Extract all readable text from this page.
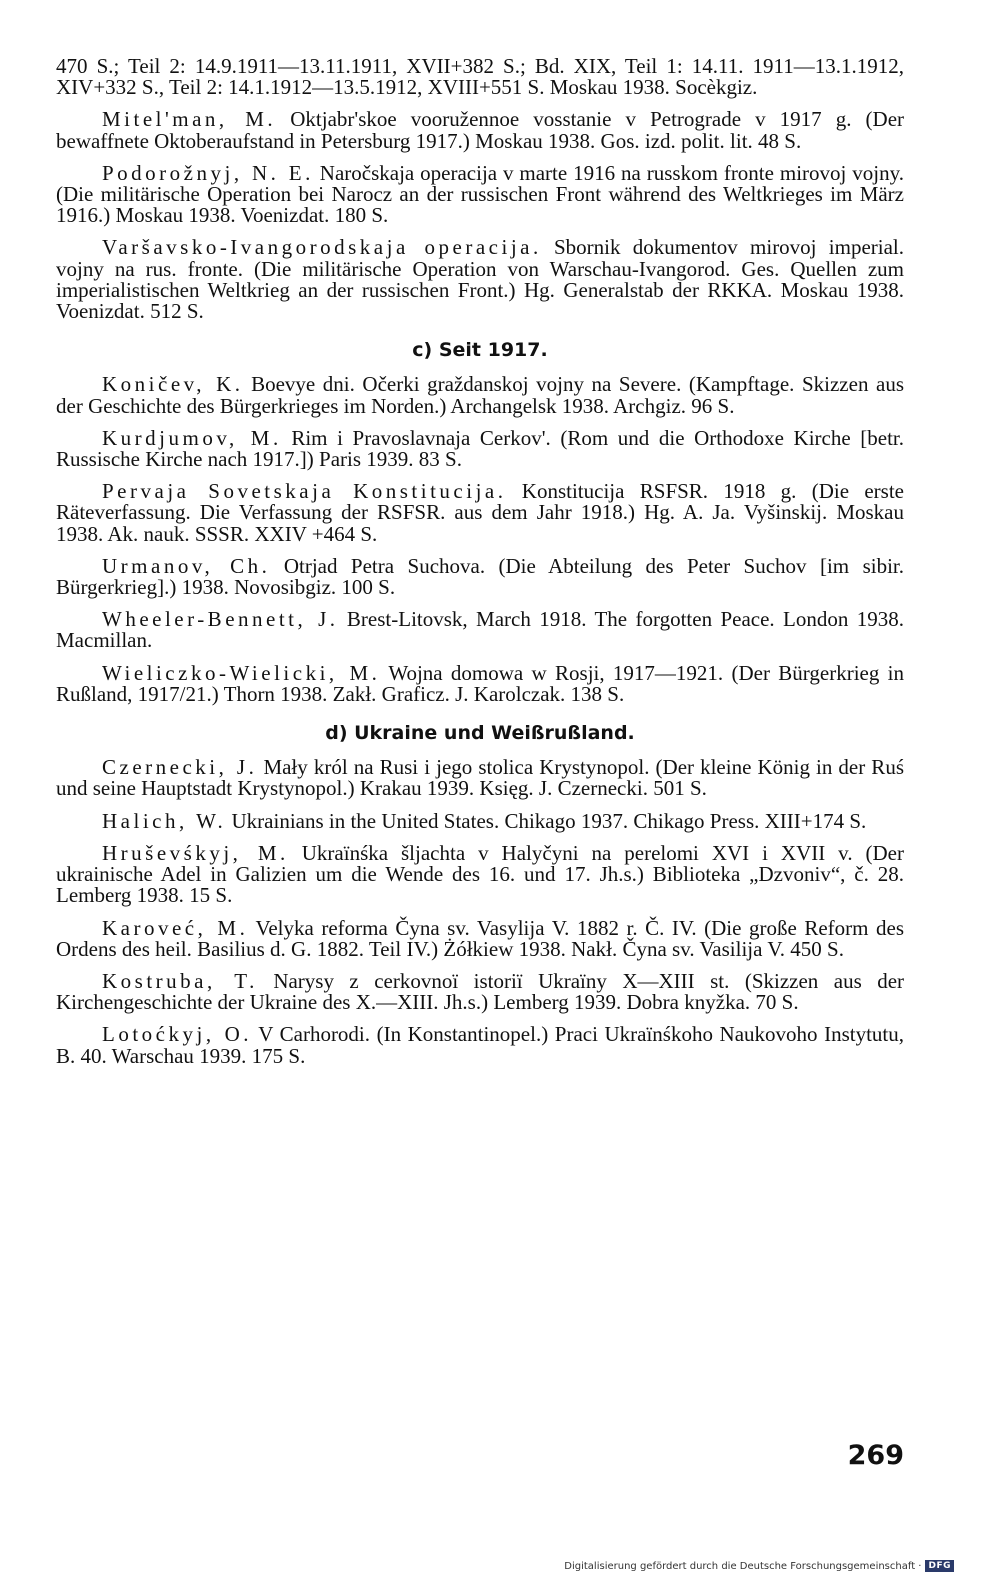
470 S.; Teil 2: 14.9.1911—13.11.1911, XVII+382 S.; Bd. XIX, Teil 1: 14.11. 1911—13.1.1912, XIV+332 S., Teil 2: 14.1.1912—13.5.1912, XVIII+551 S. Moskau 1938. Socèkgiz.

Mitel'man, M. Oktjabr'skoe vooružennoe vosstanie v Petrograde v 1917 g. (Der bewaffnete Oktoberaufstand in Petersburg 1917.) Moskau 1938. Gos. izd. polit. lit. 48 S.

Podorožnyj, N. E. Naročskaja operacija v marte 1916 na russkom fronte mirovoj vojny. (Die militärische Operation bei Narocz an der russischen Front während des Weltkrieges im März 1916.) Moskau 1938. Voenizdat. 180 S.

Varšavsko-Ivangorodskaja operacija. Sbornik dokumentov mirovoj imperial. vojny na rus. fronte. (Die militärische Operation von Warschau-Ivangorod. Ges. Quellen zum imperialistischen Weltkrieg an der russischen Front.) Hg. Generalstab der RKKA. Moskau 1938. Voenizdat. 512 S.

c) Seit 1917.

Koničev, K. Boevye dni. Očerki graždanskoj vojny na Severe. (Kampftage. Skizzen aus der Geschichte des Bürgerkrieges im Norden.) Archangelsk 1938. Archgiz. 96 S.

Kurdjumov, M. Rim i Pravoslavnaja Cerkov'. (Rom und die Orthodoxe Kirche [betr. Russische Kirche nach 1917.]) Paris 1939. 83 S.

Pervaja Sovetskaja Konstitucija. Konstitucija RSFSR. 1918 g. (Die erste Räteverfassung. Die Verfassung der RSFSR. aus dem Jahr 1918.) Hg. A. Ja. Vyšinskij. Moskau 1938. Ak. nauk. SSSR. XXIV +464 S.

Urmanov, Ch. Otrjad Petra Suchova. (Die Abteilung des Peter Suchov [im sibir. Bürgerkrieg].) 1938. Novosibgiz. 100 S.

Wheeler-Bennett, J. Brest-Litovsk, March 1918. The forgotten Peace. London 1938. Macmillan.

Wieliczko-Wielicki, M. Wojna domowa w Rosji, 1917—1921. (Der Bürgerkrieg in Rußland, 1917/21.) Thorn 1938. Zakł. Graficz. J. Karolczak. 138 S.

d) Ukraine und Weißrußland.

Czernecki, J. Mały król na Rusi i jego stolica Krystynopol. (Der kleine König in der Ruś und seine Hauptstadt Krystynopol.) Krakau 1939. Księg. J. Czernecki. 501 S.

Halich, W. Ukrainians in the United States. Chikago 1937. Chikago Press. XIII+174 S.

Hruševśkyj, M. Ukraïnśka šljachta v Halyčyni na perelomi XVI i XVII v. (Der ukrainische Adel in Galizien um die Wende des 16. und 17. Jh.s.) Biblioteka „Dzvoniv“, č. 28. Lemberg 1938. 15 S.

Karoveć, M. Velyka reforma Čyna sv. Vasylija V. 1882 r. Č. IV. (Die große Reform des Ordens des heil. Basilius d. G. 1882. Teil IV.) Żółkiew 1938. Nakł. Čyna sv. Vasilija V. 450 S.

Kostruba, T. Narysy z cerkovnoï istoriï Ukraïny X—XIII st. (Skizzen aus der Kirchengeschichte der Ukraine des X.—XIII. Jh.s.) Lemberg 1939. Dobra knyžka. 70 S.

Lotoćkyj, O. V Carhorodi. (In Konstantinopel.) Praci Ukraïnśkoho Naukovoho Instytutu, B. 40. Warschau 1939. 175 S.

269
Digitalisierung gefördert durch die Deutsche Forschungsgemeinschaft · DFG
